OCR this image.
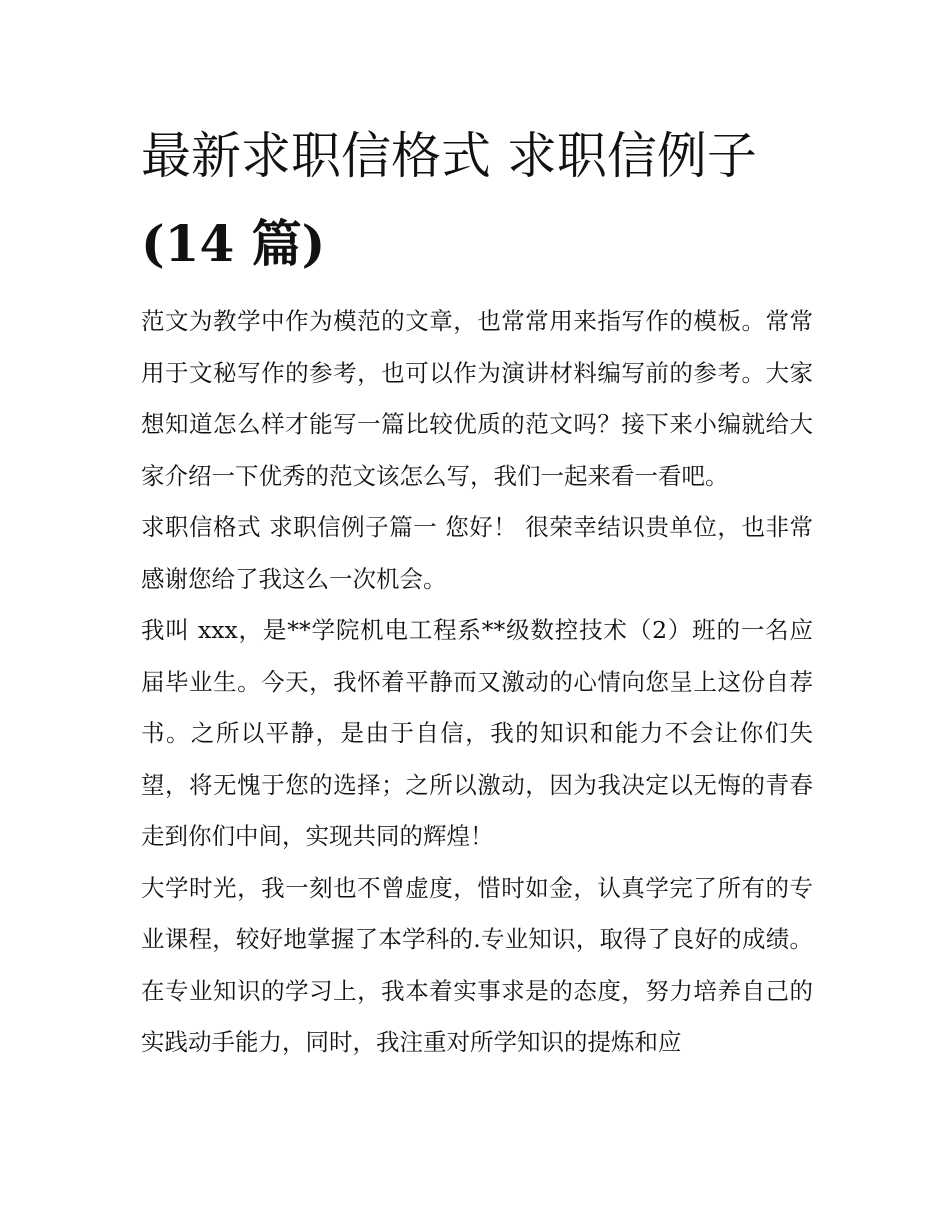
最新求职信格式 求职信例子
(14 篇)

范文为教学中作为模范的文章，也常常用来指写作的模板。常常用于文秘写作的参考，也可以作为演讲材料编写前的参考。大家想知道怎么样才能写一篇比较优质的范文吗？接下来小编就给大家介绍一下优秀的范文该怎么写，我们一起来看一看吧。

求职信格式 求职信例子篇一 您好！ 很荣幸结识贵单位，也非常感谢您给了我这么一次机会。

我叫 xxx，是**学院机电工程系**级数控技术（2）班的一名应届毕业生。今天，我怀着平静而又激动的心情向您呈上这份自荐书。之所以平静，是由于自信，我的知识和能力不会让你们失望，将无愧于您的选择；之所以激动，因为我决定以无悔的青春走到你们中间，实现共同的辉煌！

大学时光，我一刻也不曾虚度，惜时如金，认真学完了所有的专业课程，较好地掌握了本学科的.专业知识，取得了良好的成绩。在专业知识的学习上，我本着实事求是的态度，努力培养自己的实践动手能力，同时，我注重对所学知识的提炼和应
